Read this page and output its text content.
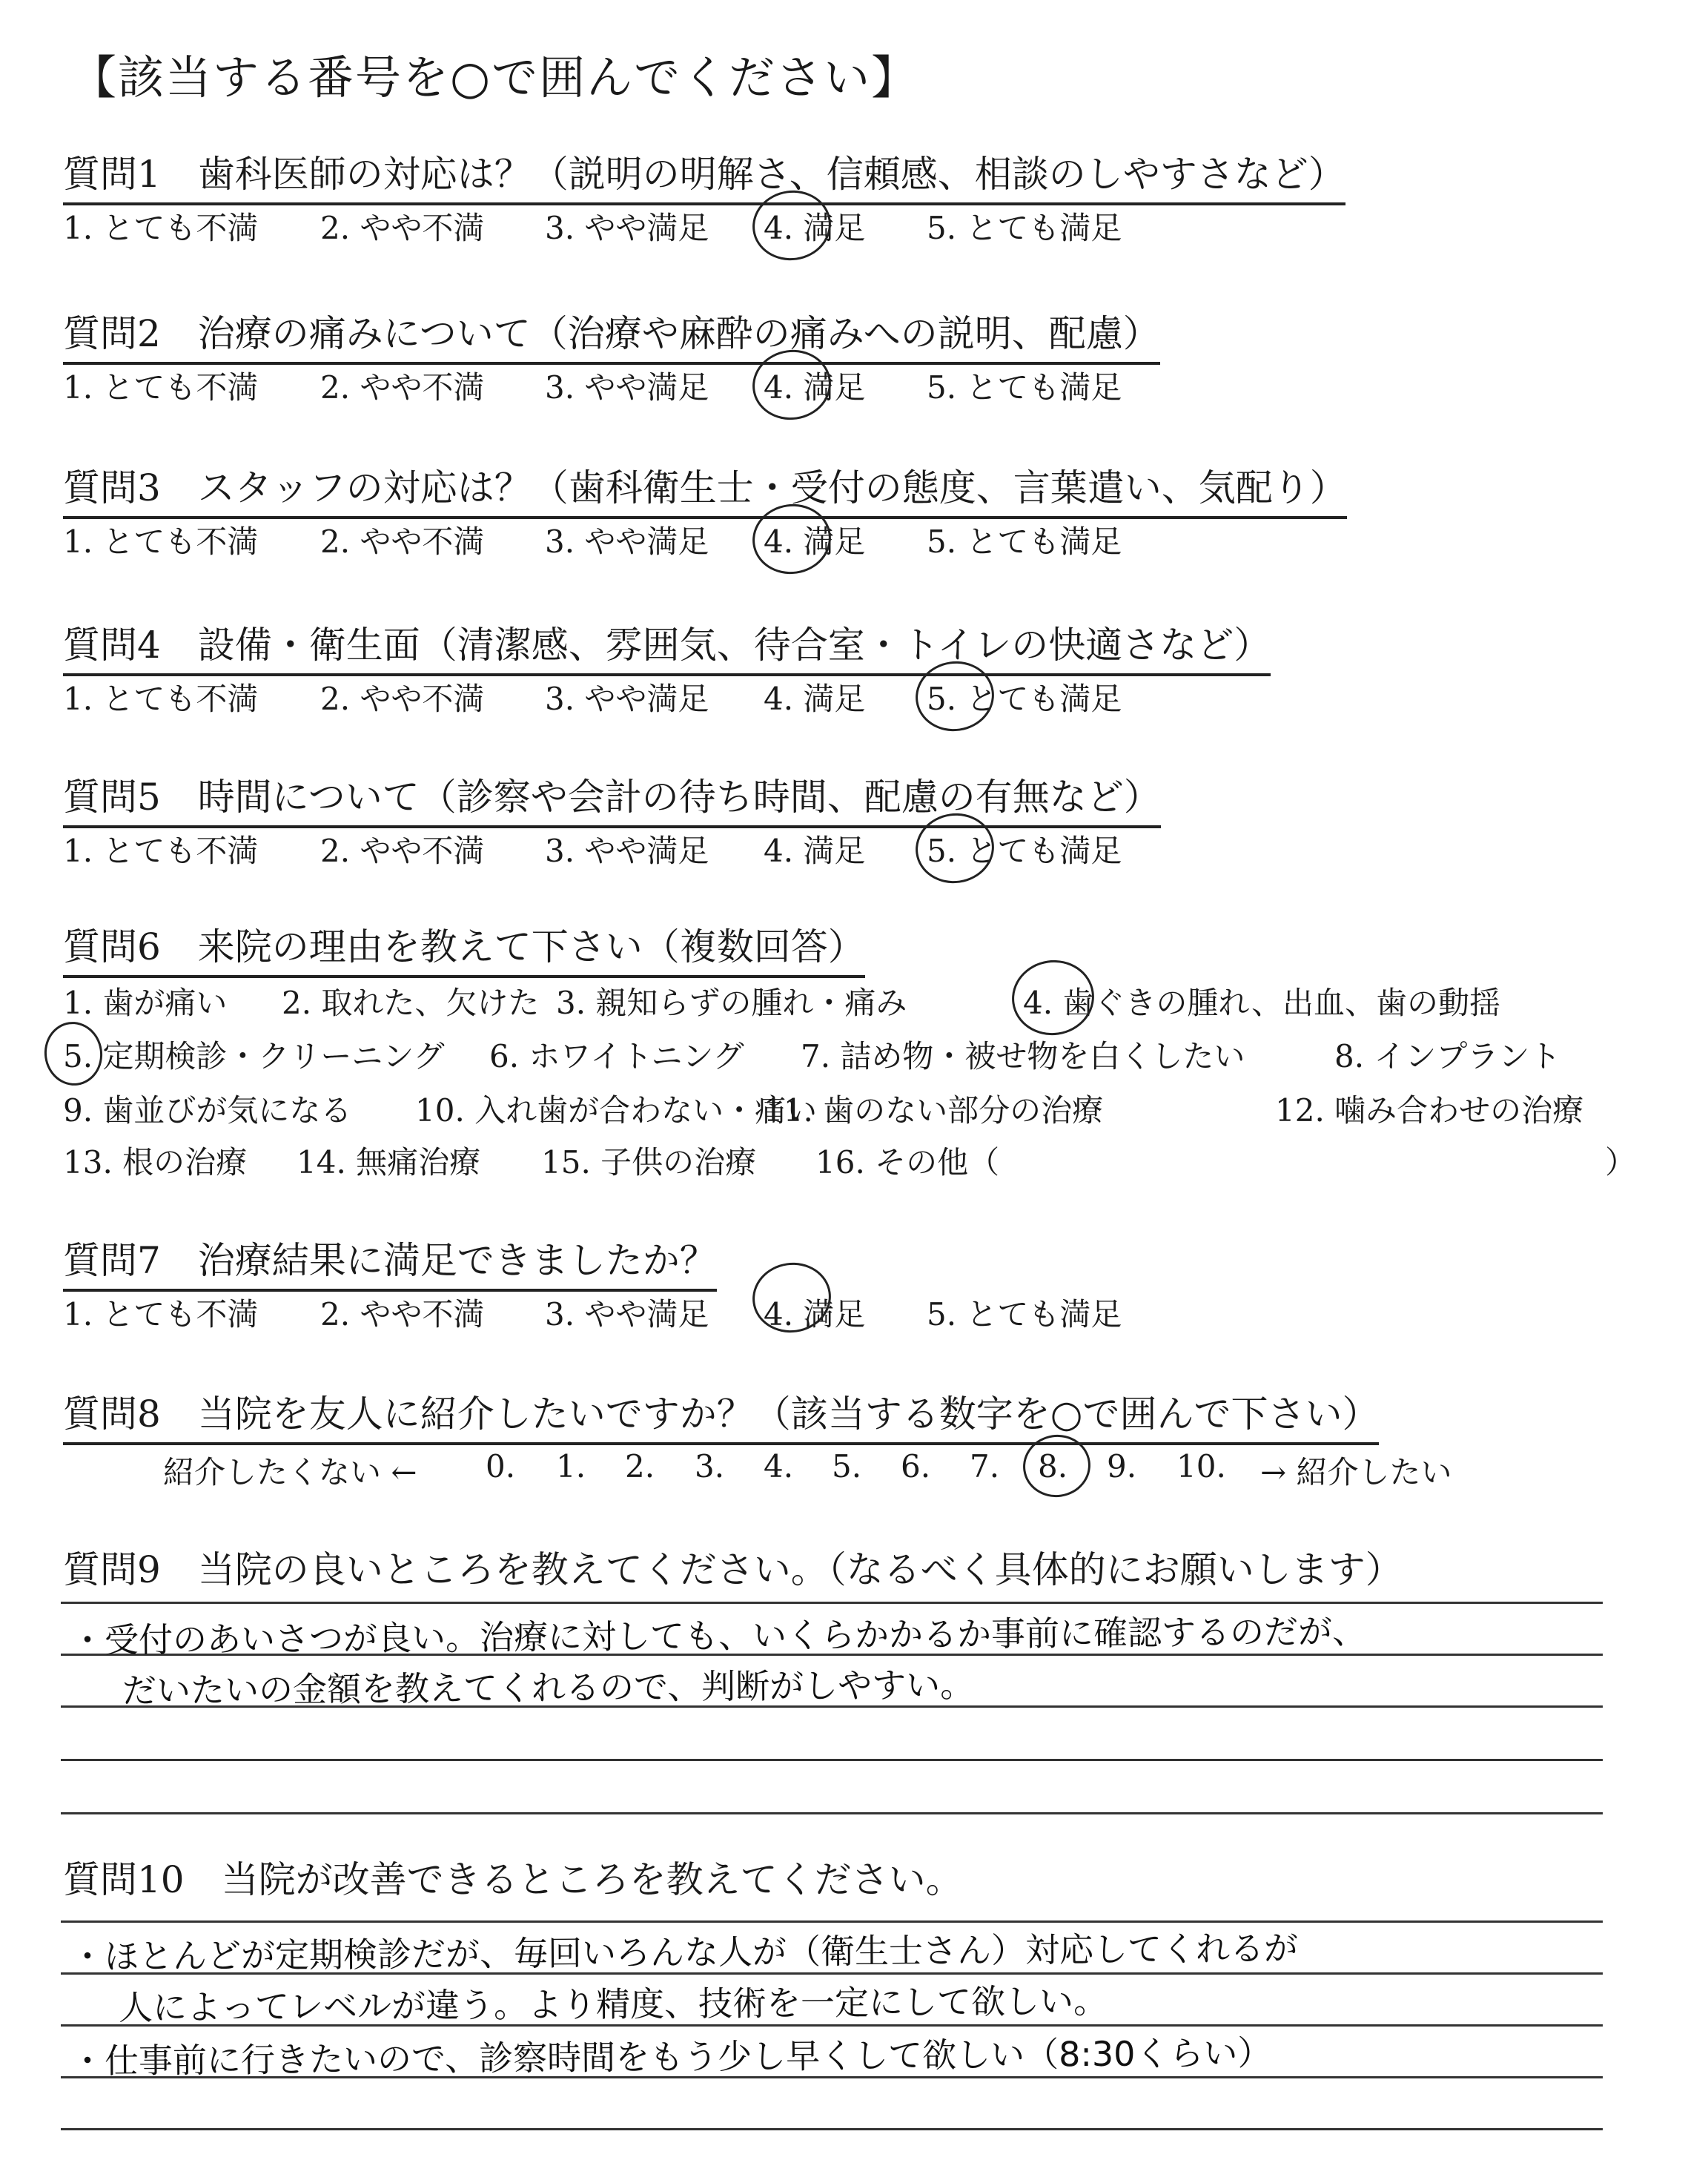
【該当する番号を○で囲んでください】
質問1　歯科医師の対応は？（説明の明解さ、信頼感、相談のしやすさなど）
1. とても不満 2. やや不満 3. やや満足 4. 満足 5. とても満足
質問2　治療の痛みについて（治療や麻酔の痛みへの説明、配慮）
1. とても不満 2. やや不満 3. やや満足 4. 満足 5. とても満足
質問3　スタッフの対応は？（歯科衛生士・受付の態度、言葉遣い、気配り）
1. とても不満 2. やや不満 3. やや満足 4. 満足 5. とても満足
質問4　設備・衛生面（清潔感、雰囲気、待合室・トイレの快適さなど）
1. とても不満 2. やや不満 3. やや満足 4. 満足 5. とても満足
質問5　時間について（診察や会計の待ち時間、配慮の有無など）
1. とても不満 2. やや不満 3. やや満足 4. 満足 5. とても満足
質問6　来院の理由を教えて下さい（複数回答）
1. 歯が痛い 2. 取れた、欠けた 3. 親知らずの腫れ・痛み	4. 歯ぐきの腫れ、出血、歯の動揺
5. 定期検診・クリーニング 6. ホワイトニング 7. 詰め物・被せ物を白くしたい	8. インプラント
9. 歯並びが気になる 10. 入れ歯が合わない・痛い
11. 歯のない部分の治療	12. 噛み合わせの治療
13. 根の治療 14. 無痛治療 15. 子供の治療 16. その他（	）
質問7　治療結果に満足できましたか？
1. とても不満 2. やや不満 3. やや満足 4. 満足 5. とても満足
質問8　当院を友人に紹介したいですか？（該当する数字を○で囲んで下さい）
紹介したくない ← 0. 1. 2. 3. 4. 5. 6. 7. 8. 9. 10. → 紹介したい
質問9　当院の良いところを教えてください。（なるべく具体的にお願いします）
・受付のあいさつが良い。治療に対しても、いくらかかるか事前に確認するのだが、
だいたいの金額を教えてくれるので、判断がしやすい。
質問10　当院が改善できるところを教えてください。
・ほとんどが定期検診だが、毎回いろんな人が（衛生士さん）対応してくれるが
人によってレベルが違う。より精度、技術を一定にして欲しい。
・仕事前に行きたいので、診察時間をもう少し早くして欲しい（8:30くらい）
